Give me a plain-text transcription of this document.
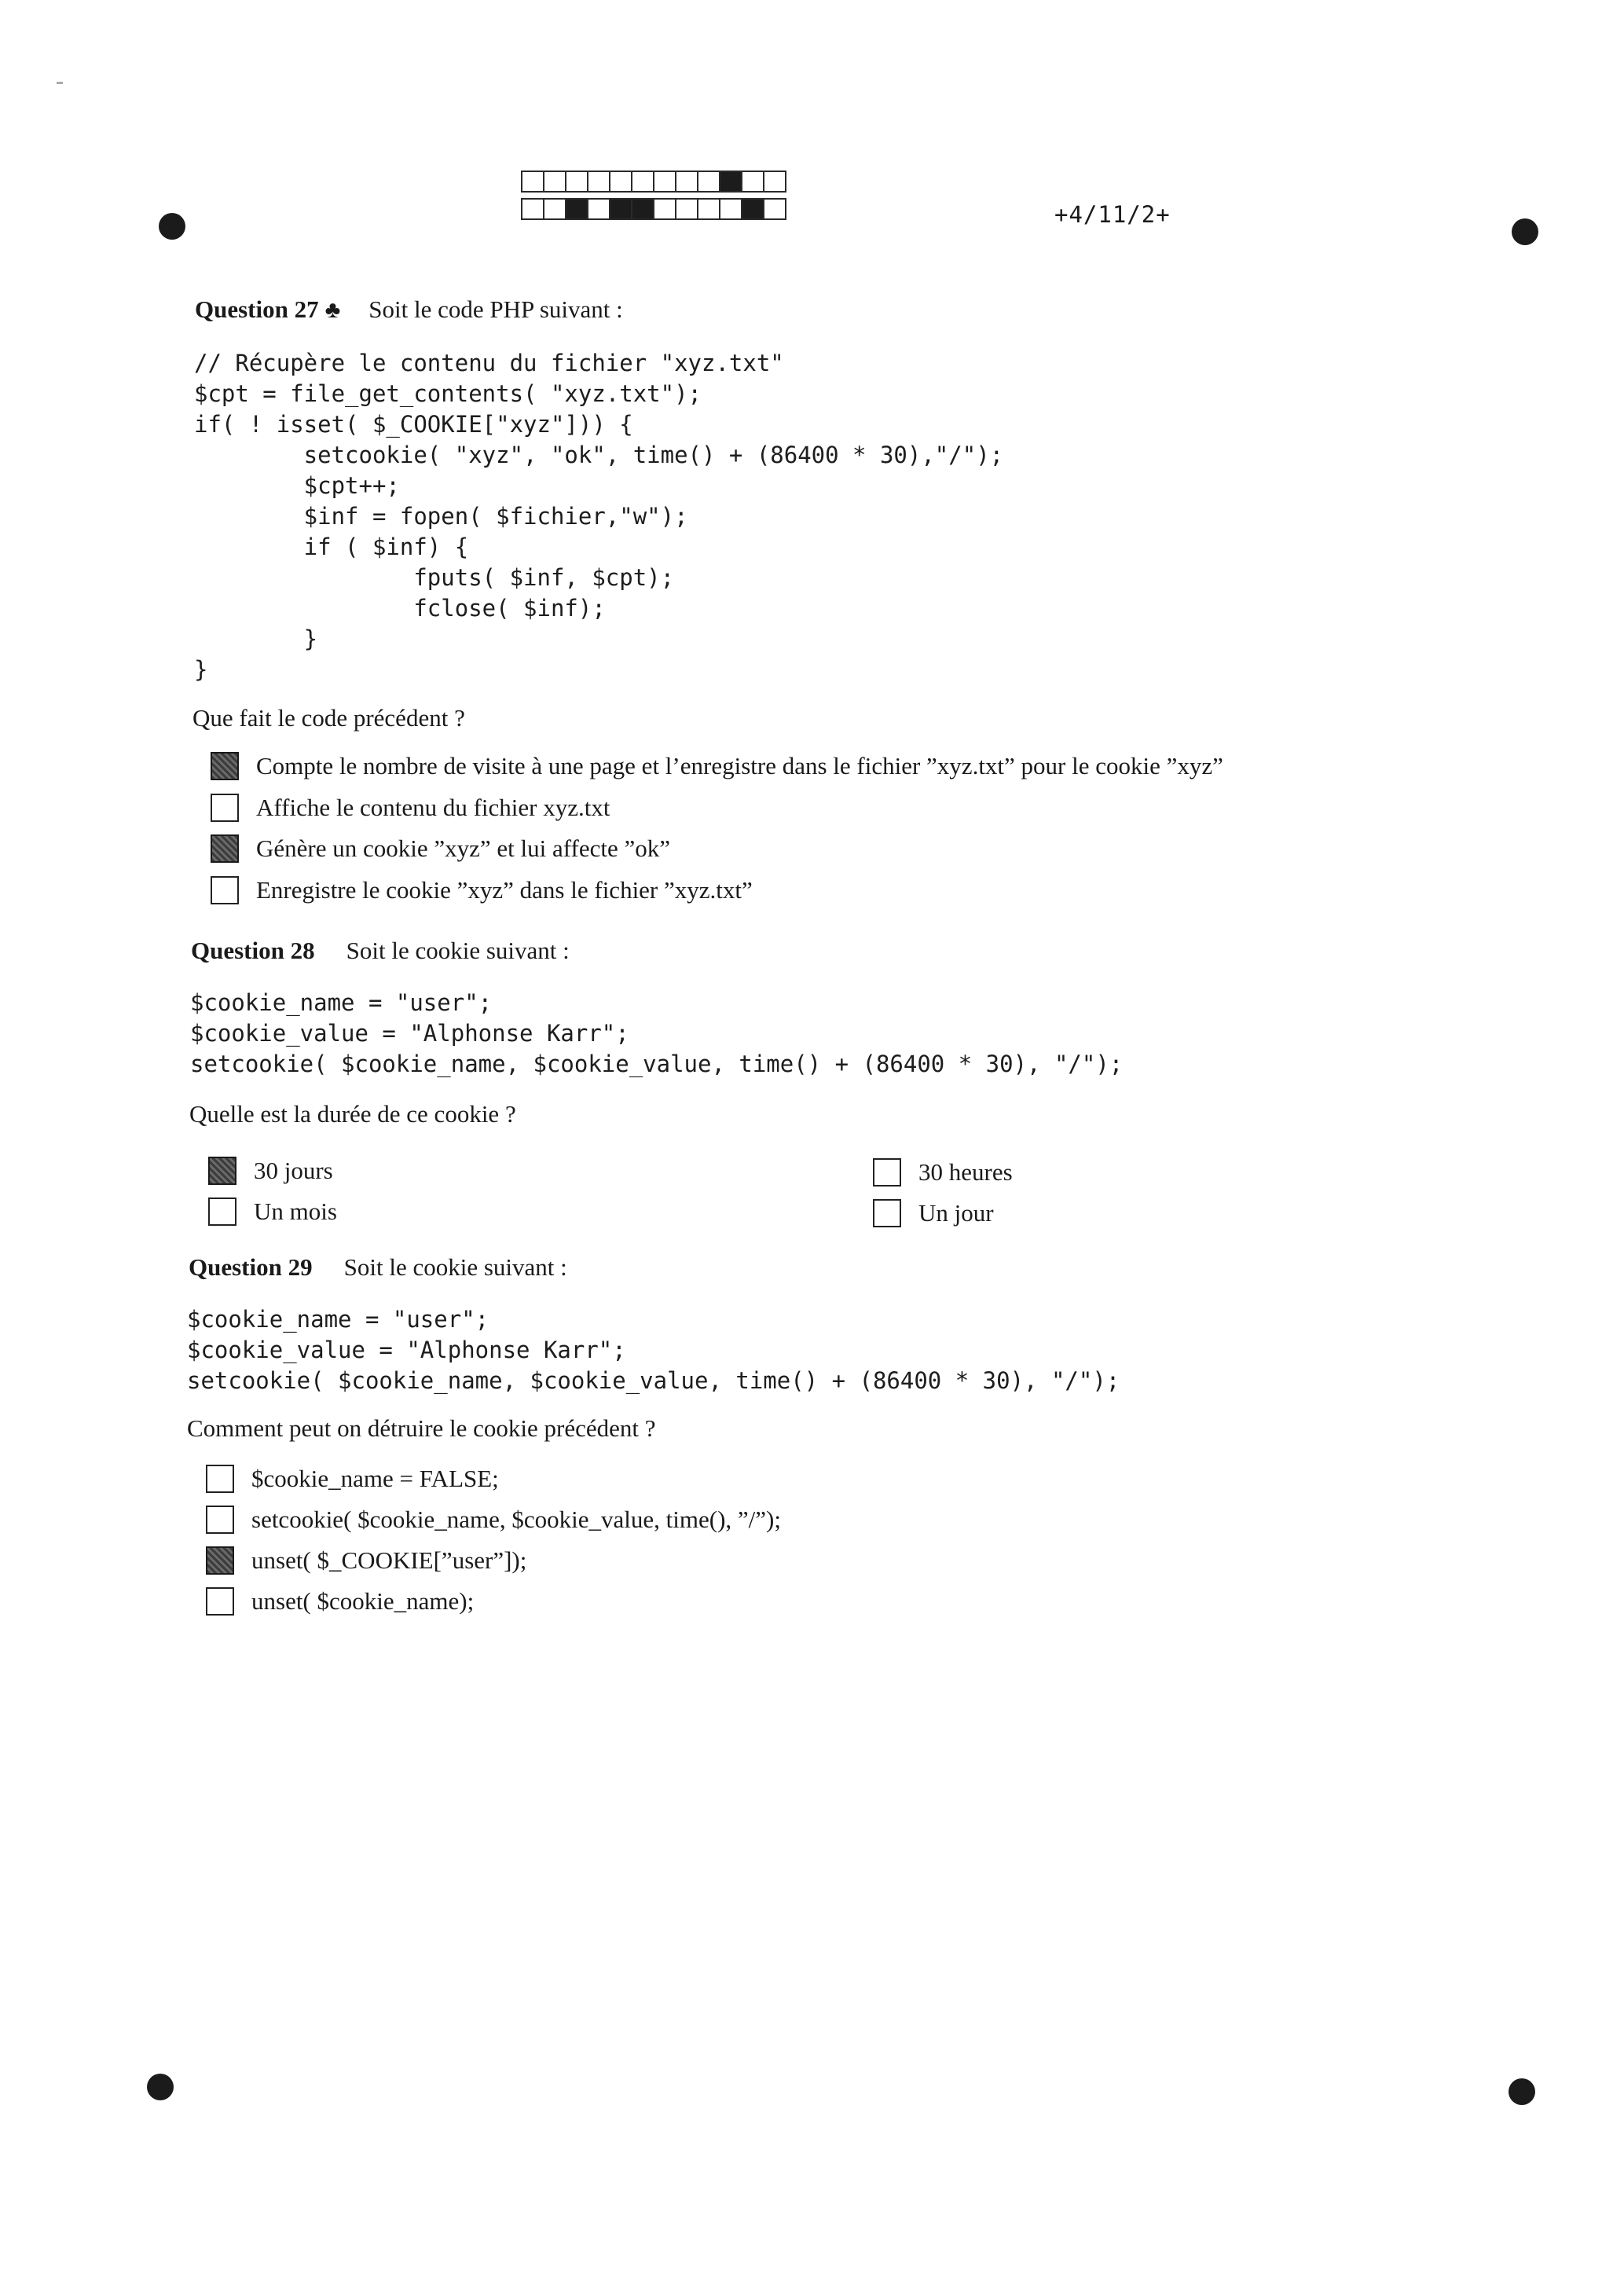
+4/11/2+
Question 27 ♣ Soit le code PHP suivant :
// Récupère le contenu du fichier "xyz.txt"
$cpt = file_get_contents( "xyz.txt");
if( ! isset( $_COOKIE["xyz"])) {
setcookie( "xyz", "ok", time() + (86400 * 30),"/");
$cpt++;
$inf = fopen( $fichier,"w");
if ( $inf) {
fputs( $inf, $cpt);
fclose( $inf);
}
}
Que fait le code précédent ?
Compte le nombre de visite à une page et l’enregistre dans le fichier ”xyz.txt” pour le cookie ”xyz”
Affiche le contenu du fichier xyz.txt
Génère un cookie ”xyz” et lui affecte ”ok”
Enregistre le cookie ”xyz” dans le fichier ”xyz.txt”
Question 28 Soit le cookie suivant :
$cookie_name = "user";
$cookie_value = "Alphonse Karr";
setcookie( $cookie_name, $cookie_value, time() + (86400 * 30), "/");
Quelle est la durée de ce cookie ?
30 jours
Un mois
30 heures
Un jour
Question 29 Soit le cookie suivant :
$cookie_name = "user";
$cookie_value = "Alphonse Karr";
setcookie( $cookie_name, $cookie_value, time() + (86400 * 30), "/");
Comment peut on détruire le cookie précédent ?
$cookie_name = FALSE;
setcookie( $cookie_name, $cookie_value, time(), ”/”);
unset( $_COOKIE[”user”]);
unset( $cookie_name);
